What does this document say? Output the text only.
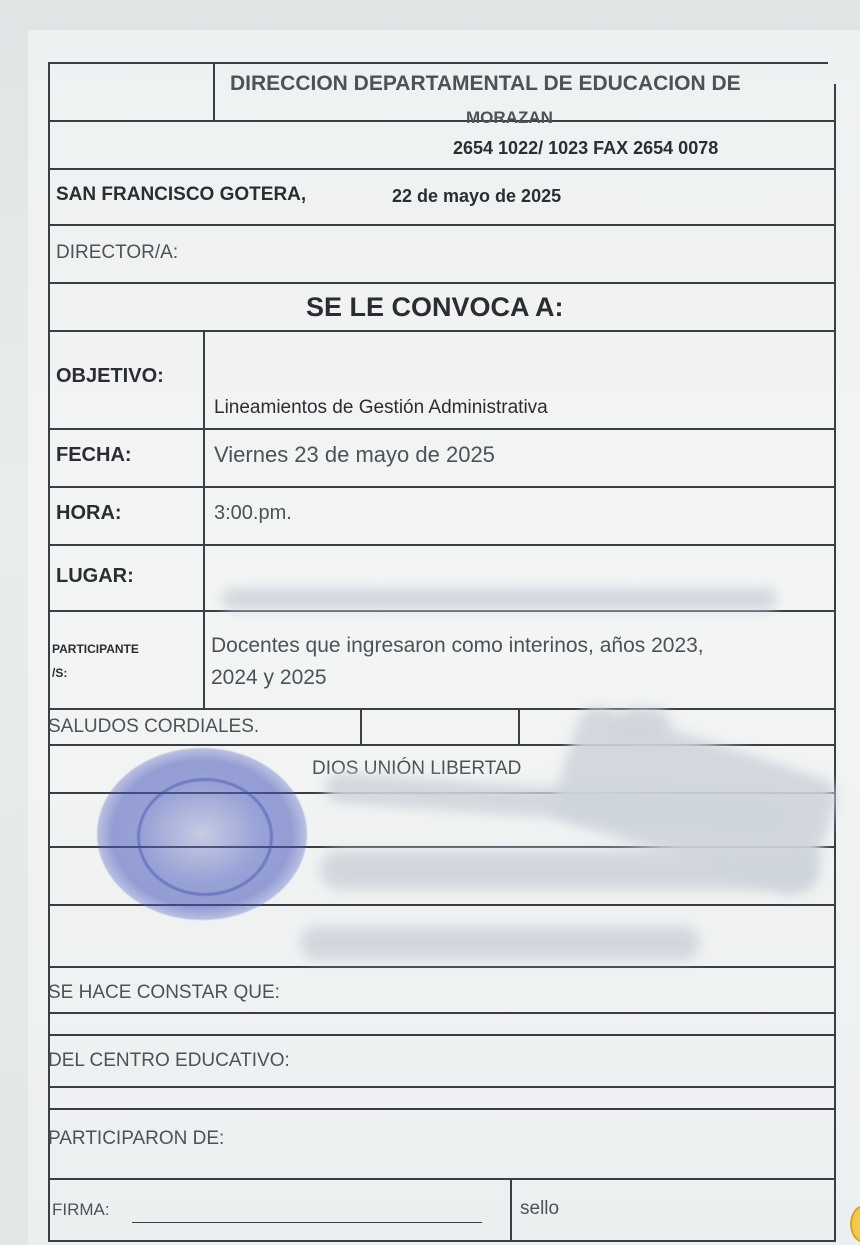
DIRECCION DEPARTAMENTAL DE EDUCACION DE
MORAZAN
2654 1022/ 1023 FAX 2654 0078
SAN FRANCISCO GOTERA,	22 de mayo de 2025
DIRECTOR/A:
SE LE CONVOCA A:
OBJETIVO:
Lineamientos de Gestión Administrativa
FECHA:	Viernes 23 de mayo de 2025
HORA:	3:00.pm.
LUGAR:
PARTICIPANTE
/S:
Docentes que ingresaron como interinos, años 2023,
2024 y 2025
SALUDOS CORDIALES.
DIOS UNIÓN LIBERTAD
SE HACE CONSTAR QUE:
DEL CENTRO EDUCATIVO:
PARTICIPARON DE:
FIRMA:	sello
